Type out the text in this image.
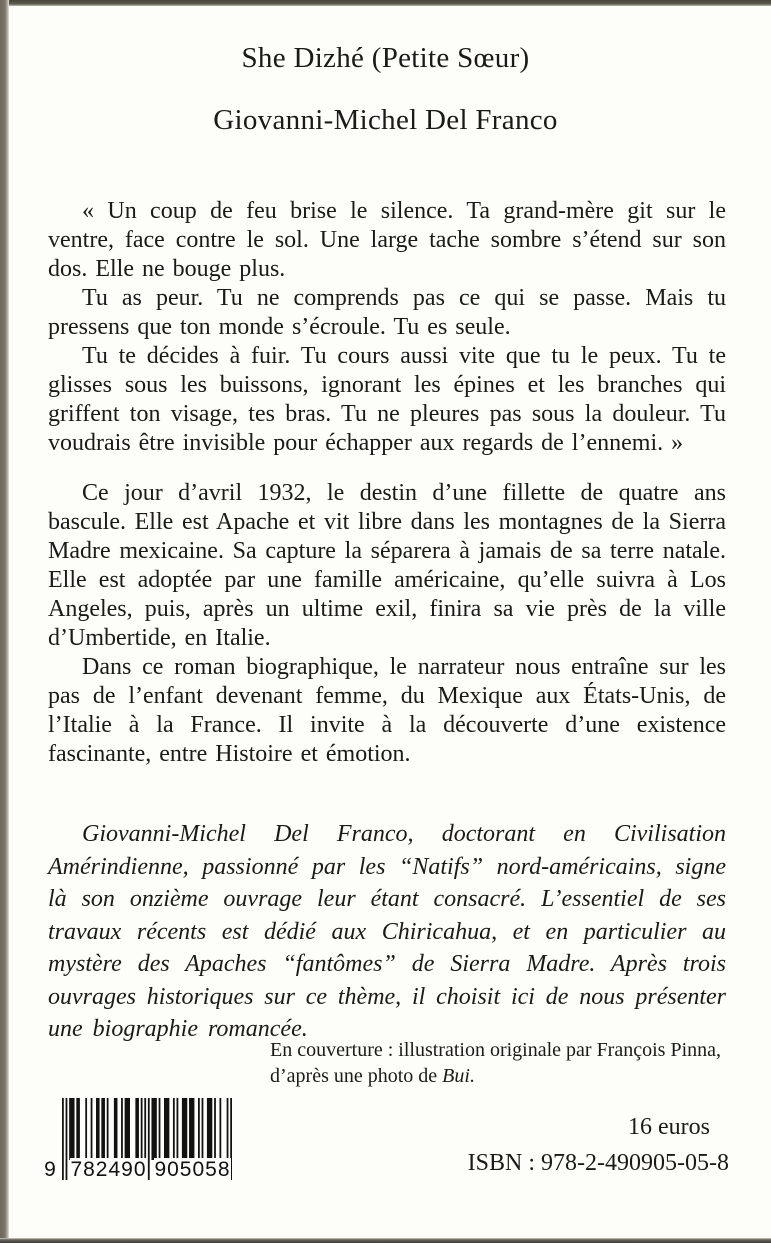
She Dizhé (Petite Sœur)
Giovanni-Michel Del Franco

« Un coup de feu brise le silence. Ta grand-mère git sur le ventre, face contre le sol. Une large tache sombre s’étend sur son dos. Elle ne bouge plus.

Tu as peur. Tu ne comprends pas ce qui se passe. Mais tu pressens que ton monde s’écroule. Tu es seule.

Tu te décides à fuir. Tu cours aussi vite que tu le peux. Tu te glisses sous les buissons, ignorant les épines et les branches qui griffent ton visage, tes bras. Tu ne pleures pas sous la douleur. Tu voudrais être invisible pour échapper aux regards de l’ennemi. »

Ce jour d’avril 1932, le destin d’une fillette de quatre ans bascule. Elle est Apache et vit libre dans les montagnes de la Sierra Madre mexicaine. Sa capture la séparera à jamais de sa terre natale. Elle est adoptée par une famille américaine, qu’elle suivra à Los Angeles, puis, après un ultime exil, finira sa vie près de la ville d’Umbertide, en Italie.

Dans ce roman biographique, le narrateur nous entraîne sur les pas de l’enfant devenant femme, du Mexique aux États-Unis, de l’Italie à la France. Il invite à la découverte d’une existence fascinante, entre Histoire et émotion.

Giovanni-Michel Del Franco, doctorant en Civilisation Amérindienne, passionné par les “Natifs” nord-américains, signe là son onzième ouvrage leur étant consacré. L’essentiel de ses travaux récents est dédié aux Chiricahua, et en particulier au mystère des Apaches “fantômes” de Sierra Madre. Après trois ouvrages historiques sur ce thème, il choisit ici de nous présenter une biographie romancée.
En couverture : illustration originale par François Pinna,
d’après une photo de Bui.
9 782490 905058
16 euros
ISBN : 978-2-490905-05-8
